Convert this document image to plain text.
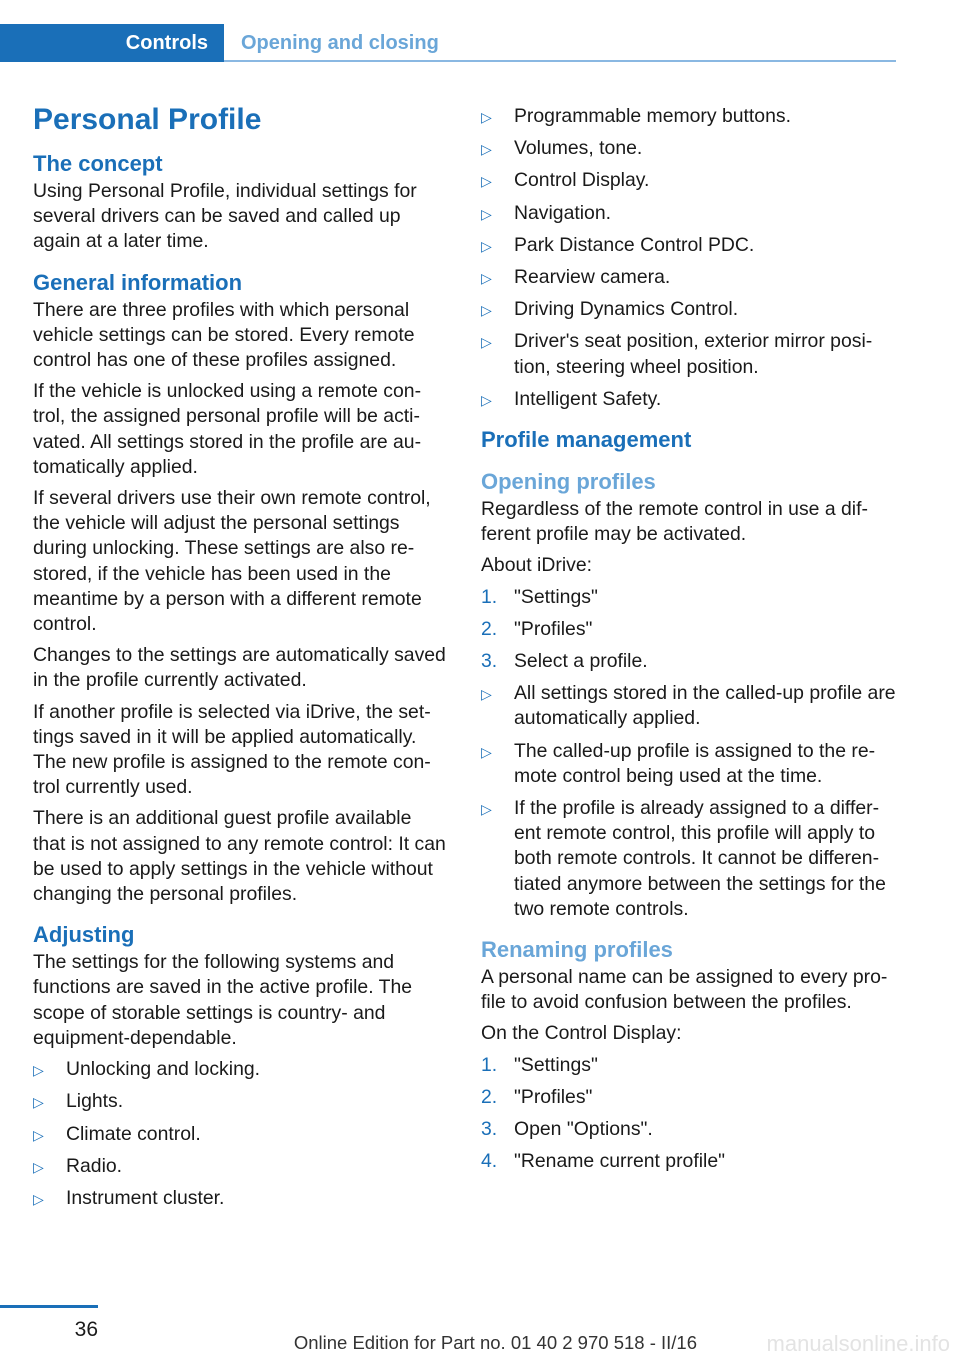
Controls	Opening and closing
Personal Profile
The concept

Using Personal Profile, individual settings for several drivers can be saved and called up again at a later time.

General information

There are three profiles with which personal vehicle settings can be stored. Every remote control has one of these profiles assigned.

If the vehicle is unlocked using a remote con‐trol, the assigned personal profile will be acti‐vated. All settings stored in the profile are au‐tomatically applied.

If several drivers use their own remote control, the vehicle will adjust the personal settings during unlocking. These settings are also re‐stored, if the vehicle has been used in the meantime by a person with a different remote control.

Changes to the settings are automatically saved in the profile currently activated.

If another profile is selected via iDrive, the set‐tings saved in it will be applied automatically. The new profile is assigned to the remote con‐trol currently used.

There is an additional guest profile available that is not assigned to any remote control: It can be used to apply settings in the vehicle without changing the personal profiles.

Adjusting

The settings for the following systems and functions are saved in the active profile. The scope of storable settings is country- and equipment-dependable.

▷ Unlocking and locking.
▷ Lights.
▷ Climate control.
▷ Radio.
▷ Instrument cluster.
▷ Programmable memory buttons.
▷ Volumes, tone.
▷ Control Display.
▷ Navigation.
▷ Park Distance Control PDC.
▷ Rearview camera.
▷ Driving Dynamics Control.
▷ Driver's seat position, exterior mirror posi‐tion, steering wheel position.
▷ Intelligent Safety.
Profile management
Opening profiles

Regardless of the remote control in use a dif‐ferent profile may be activated.

About iDrive:

1. "Settings"
2. "Profiles"
3. Select a profile.
▷ All settings stored in the called-up profile are automatically applied.
▷ The called-up profile is assigned to the re‐mote control being used at the time.
▷ If the profile is already assigned to a differ‐ent remote control, this profile will apply to both remote controls. It cannot be differen‐tiated anymore between the settings for the two remote controls.
Renaming profiles

A personal name can be assigned to every pro‐file to avoid confusion between the profiles.

On the Control Display:

1. "Settings"
2. "Profiles"
3. Open "Options".
4. "Rename current profile"
36
Online Edition for Part no. 01 40 2 970 518 - II/16	manualsonline.info
